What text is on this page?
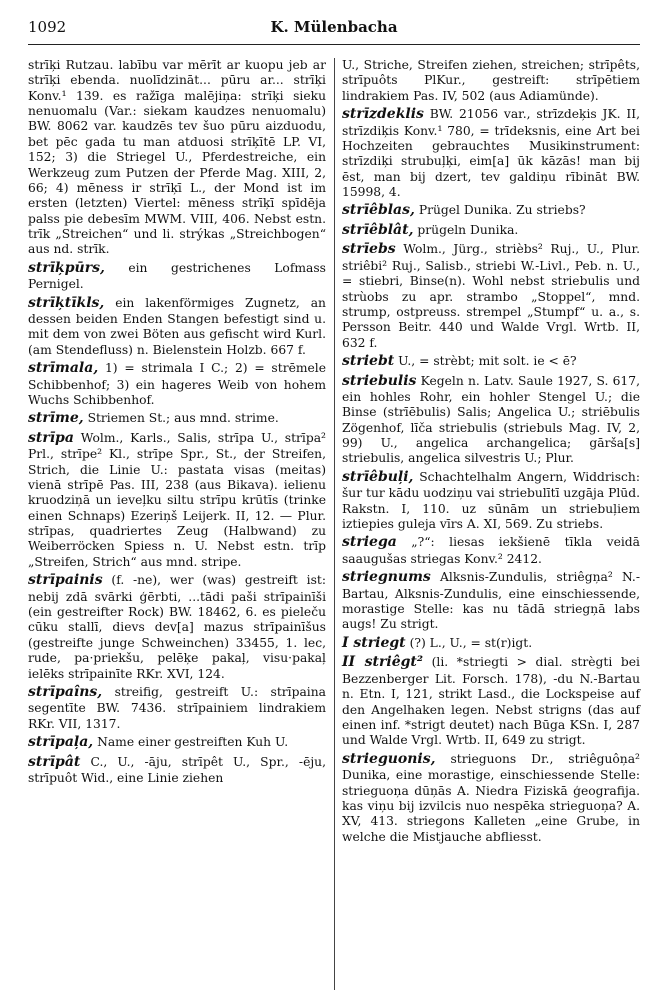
1092	K. Mülenbacha
strīķi Rutzau. labību var mērīt ar kuopu jeb ar strīķi ebenda. nuolīdzināt... pūru ar... strīķi Konv.¹ 139. es ražīga malējiņa: strīķi sieku nenuomalu (Var.: siekam kaudzes nenuomalu) BW. 8062 var. kaudzēs tev šuo pūru aizduodu, bet pēc gada tu man atduosi strīķītē LP. VI, 152; 3) die Striegel U., Pferdestreiche, ein Werkzeug zum Putzen der Pferde Mag. XIII, 2, 66; 4) mēness ir strīķī L., der Mond ist im ersten (letzten) Viertel: mēness strīķī spīdēja palss pie debesīm MWM. VIII, 406. Nebst estn. trīk „Streichen“ und li. strýkas „Streichbogen“ aus nd. strīk.
strīķpūrs, ein gestrichenes Lofmass Pernigel.
strīķtīkls, ein lakenförmiges Zugnetz, an dessen beiden Enden Stangen befestigt sind u. mit dem von zwei Böten aus gefischt wird Kurl. (am Stendefluss) n. Bielenstein Holzb. 667 f.
strīmala, 1) = strimala I C.; 2) = strēmele Schibbenhof; 3) ein hageres Weib von hohem Wuchs Schibbenhof.
strīme, Striemen St.; aus mnd. strime.
strīpa Wolm., Karls., Salis, strīpa U., strīpa² Prl., strīpe² Kl., strīpe Spr., St., der Streifen, Strich, die Linie U.: pastata visas (meitas) vienā strīpē Pas. III, 238 (aus Bikava). ielienu kruodziņā un ieveļku siltu strīpu krūtīs (trinke einen Schnaps) Ezeriņš Leijerk. II, 12. — Plur. strīpas, quadriertes Zeug (Halbwand) zu Weiberröcken Spiess n. U. Nebst estn. trīp „Streifen, Strich“ aus mnd. stripe.
strīpainis (f. -ne), wer (was) gestreift ist: nebij zdā svārki ģērbti, ...tādi paši strīpainīši (ein gestreifter Rock) BW. 18462, 6. es pieleču cūku stallī, dievs dev[a] mazus strīpainīšus (gestreifte junge Schweinchen) 33455, 1. lec, rude, pa·priekšu, pelēķe pakaļ, visu·pakaļ ielēks strīpainīte RKr. XVI, 124.
strīpaîns, streifig, gestreift U.: strīpaina segentīte BW. 7436. strīpainiem lindrakiem RKr. VII, 1317.
strīpaļa, Name einer gestreiften Kuh U.
strīpât C., U., -āju, strīpêt U., Spr., -ēju, strīpuôt Wid., eine Linie ziehen
U., Striche, Streifen ziehen, streichen; strīpêts, strīpuôts PlKur., gestreift: strīpētiem lindrakiem Pas. IV, 502 (aus Adiamünde).
strīzdeklis BW. 21056 var., strīzdeķis JK. II, strīzdiķis Konv.¹ 780, = trīdeksnis, eine Art bei Hochzeiten gebrauchtes Musikinstrument: strīzdiķi strubuļķi, eim[a] ūk kāzās! man bij ēst, man bij dzert, tev galdiņu rībināt BW. 15998, 4.
strīêblas, Prügel Dunika. Zu striebs?
strīêblât, prügeln Dunika.
strīebs Wolm., Jürg., strièbs² Ruj., U., Plur. striêbi² Ruj., Salisb., striebi W.-Livl., Peb. n. U., = stiebri, Binse(n). Wohl nebst striebulis und strùobs zu apr. strambo „Stoppel“, mnd. strump, ostpreuss. strempel „Stumpf“ u. a., s. Persson Beitr. 440 und Walde Vrgl. Wrtb. II, 632 f.
striebt U., = strèbt; mit solt. ie < ē?
striebulis Kegeln n. Latv. Saule 1927, S. 617, ein hohles Rohr, ein hohler Stengel U.; die Binse (strīēbulis) Salis; Angelica U.; striēbulis Zögenhof, līča striebulis (striebuls Mag. IV, 2, 99) U., angelica archangelica; gārša[s] striebulis, angelica silvestris U.; Plur.
strīêbuļi, Schachtelhalm Angern, Widdrisch: šur tur kādu uodziņu vai striebulītī uzgāja Plūd. Rakstn. I, 110. uz sūnām un striebuļiem iztiepies guleja vīrs A. XI, 569. Zu striebs.
striega „?“: liesas iekšienē tīkla veidā saaugušas striegas Konv.² 2412.
striegnums Alksnis-Zundulis, striêgņa² N.-Bartau, Alksnis-Zundulis, eine einschiessende, morastige Stelle: kas nu tādā striegņā labs augs! Zu strigt.
I striegt (?) L., U., = st(r)igt.
II striêgt² (li. *striegti > dial. strègti bei Bezzenberger Lit. Forsch. 178), -du N.-Bartau n. Etn. I, 121, strikt Lasd., die Lockspeise auf den Angelhaken legen. Nebst strigns (das auf einen inf. *strigt deutet) nach Būga KSn. I, 287 und Walde Vrgl. Wrtb. II, 649 zu strigt.
strieguonis, strieguons Dr., striêguôņa² Dunika, eine morastige, einschiessende Stelle: strieguoņa dūņās A. Niedra Fiziskā ģeografija. kas viņu bij izvilcis nuo nespēka strieguoņa? A. XV, 413. striegons Kalleten „eine Grube, in welche die Mistjauche abfliesst.
